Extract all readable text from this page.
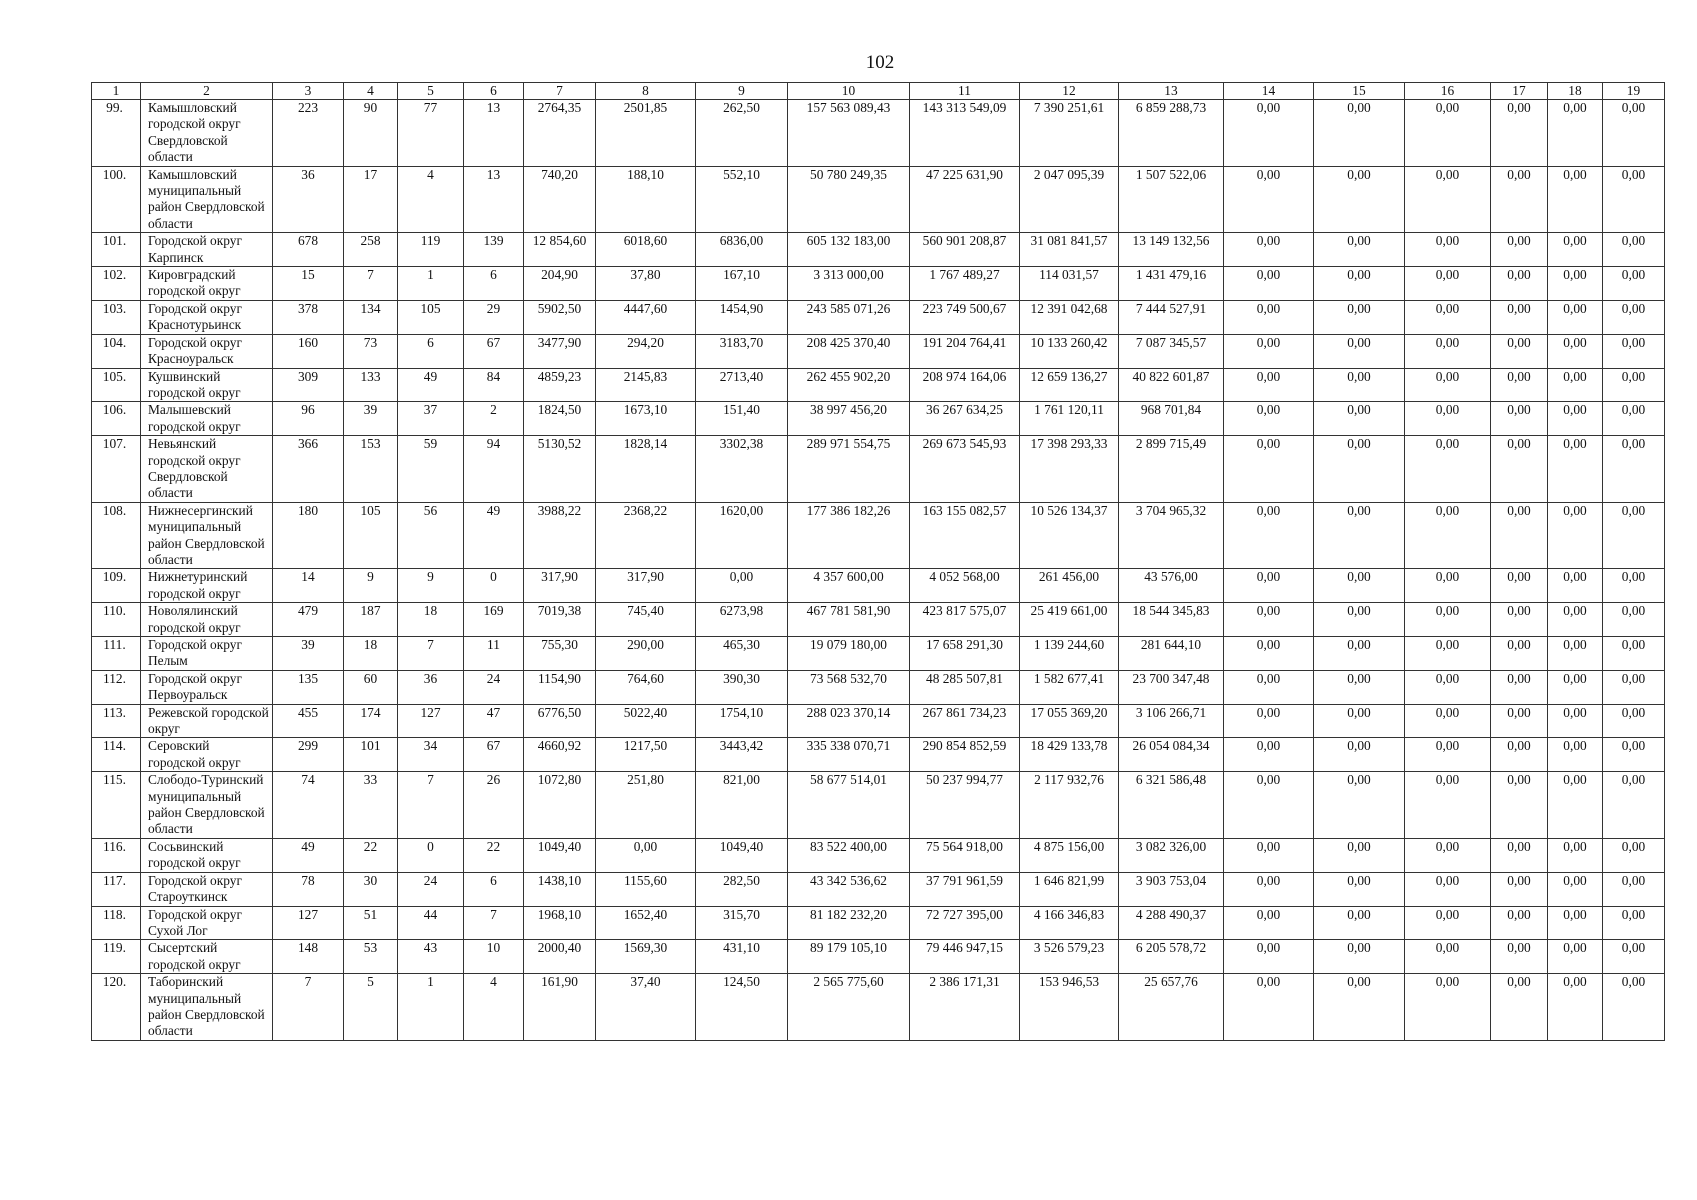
102
1	2	3	4	5	6	7	8	9	10	11	12	13	14	15	16	17	18	19
99.	Камышловский городской округ Свердловской области	223	90	77	13	2764,35	2501,85	262,50	157 563 089,43	143 313 549,09	7 390 251,61	6 859 288,73	0,00	0,00	0,00	0,00	0,00	0,00
100.	Камышловский муниципальный район Свердловской области	36	17	4	13	740,20	188,10	552,10	50 780 249,35	47 225 631,90	2 047 095,39	1 507 522,06	0,00	0,00	0,00	0,00	0,00	0,00
101.	Городской округ Карпинск	678	258	119	139	12 854,60	6018,60	6836,00	605 132 183,00	560 901 208,87	31 081 841,57	13 149 132,56	0,00	0,00	0,00	0,00	0,00	0,00
102.	Кировградский городской округ	15	7	1	6	204,90	37,80	167,10	3 313 000,00	1 767 489,27	114 031,57	1 431 479,16	0,00	0,00	0,00	0,00	0,00	0,00
103.	Городской округ Краснотурьинск	378	134	105	29	5902,50	4447,60	1454,90	243 585 071,26	223 749 500,67	12 391 042,68	7 444 527,91	0,00	0,00	0,00	0,00	0,00	0,00
104.	Городской округ Красноуральск	160	73	6	67	3477,90	294,20	3183,70	208 425 370,40	191 204 764,41	10 133 260,42	7 087 345,57	0,00	0,00	0,00	0,00	0,00	0,00
105.	Кушвинский городской округ	309	133	49	84	4859,23	2145,83	2713,40	262 455 902,20	208 974 164,06	12 659 136,27	40 822 601,87	0,00	0,00	0,00	0,00	0,00	0,00
106.	Малышевский городской округ	96	39	37	2	1824,50	1673,10	151,40	38 997 456,20	36 267 634,25	1 761 120,11	968 701,84	0,00	0,00	0,00	0,00	0,00	0,00
107.	Невьянский городской округ Свердловской области	366	153	59	94	5130,52	1828,14	3302,38	289 971 554,75	269 673 545,93	17 398 293,33	2 899 715,49	0,00	0,00	0,00	0,00	0,00	0,00
108.	Нижнесергинский муниципальный район Свердловской области	180	105	56	49	3988,22	2368,22	1620,00	177 386 182,26	163 155 082,57	10 526 134,37	3 704 965,32	0,00	0,00	0,00	0,00	0,00	0,00
109.	Нижнетуринский городской округ	14	9	9	0	317,90	317,90	0,00	4 357 600,00	4 052 568,00	261 456,00	43 576,00	0,00	0,00	0,00	0,00	0,00	0,00
110.	Новолялинский городской округ	479	187	18	169	7019,38	745,40	6273,98	467 781 581,90	423 817 575,07	25 419 661,00	18 544 345,83	0,00	0,00	0,00	0,00	0,00	0,00
111.	Городской округ Пелым	39	18	7	11	755,30	290,00	465,30	19 079 180,00	17 658 291,30	1 139 244,60	281 644,10	0,00	0,00	0,00	0,00	0,00	0,00
112.	Городской округ Первоуральск	135	60	36	24	1154,90	764,60	390,30	73 568 532,70	48 285 507,81	1 582 677,41	23 700 347,48	0,00	0,00	0,00	0,00	0,00	0,00
113.	Режевской городской округ	455	174	127	47	6776,50	5022,40	1754,10	288 023 370,14	267 861 734,23	17 055 369,20	3 106 266,71	0,00	0,00	0,00	0,00	0,00	0,00
114.	Серовский городской округ	299	101	34	67	4660,92	1217,50	3443,42	335 338 070,71	290 854 852,59	18 429 133,78	26 054 084,34	0,00	0,00	0,00	0,00	0,00	0,00
115.	Слободо-Туринский муниципальный район Свердловской области	74	33	7	26	1072,80	251,80	821,00	58 677 514,01	50 237 994,77	2 117 932,76	6 321 586,48	0,00	0,00	0,00	0,00	0,00	0,00
116.	Сосьвинский городской округ	49	22	0	22	1049,40	0,00	1049,40	83 522 400,00	75 564 918,00	4 875 156,00	3 082 326,00	0,00	0,00	0,00	0,00	0,00	0,00
117.	Городской округ Староуткинск	78	30	24	6	1438,10	1155,60	282,50	43 342 536,62	37 791 961,59	1 646 821,99	3 903 753,04	0,00	0,00	0,00	0,00	0,00	0,00
118.	Городской округ Сухой Лог	127	51	44	7	1968,10	1652,40	315,70	81 182 232,20	72 727 395,00	4 166 346,83	4 288 490,37	0,00	0,00	0,00	0,00	0,00	0,00
119.	Сысертский городской округ	148	53	43	10	2000,40	1569,30	431,10	89 179 105,10	79 446 947,15	3 526 579,23	6 205 578,72	0,00	0,00	0,00	0,00	0,00	0,00
120.	Таборинский муниципальный район Свердловской области	7	5	1	4	161,90	37,40	124,50	2 565 775,60	2 386 171,31	153 946,53	25 657,76	0,00	0,00	0,00	0,00	0,00	0,00
